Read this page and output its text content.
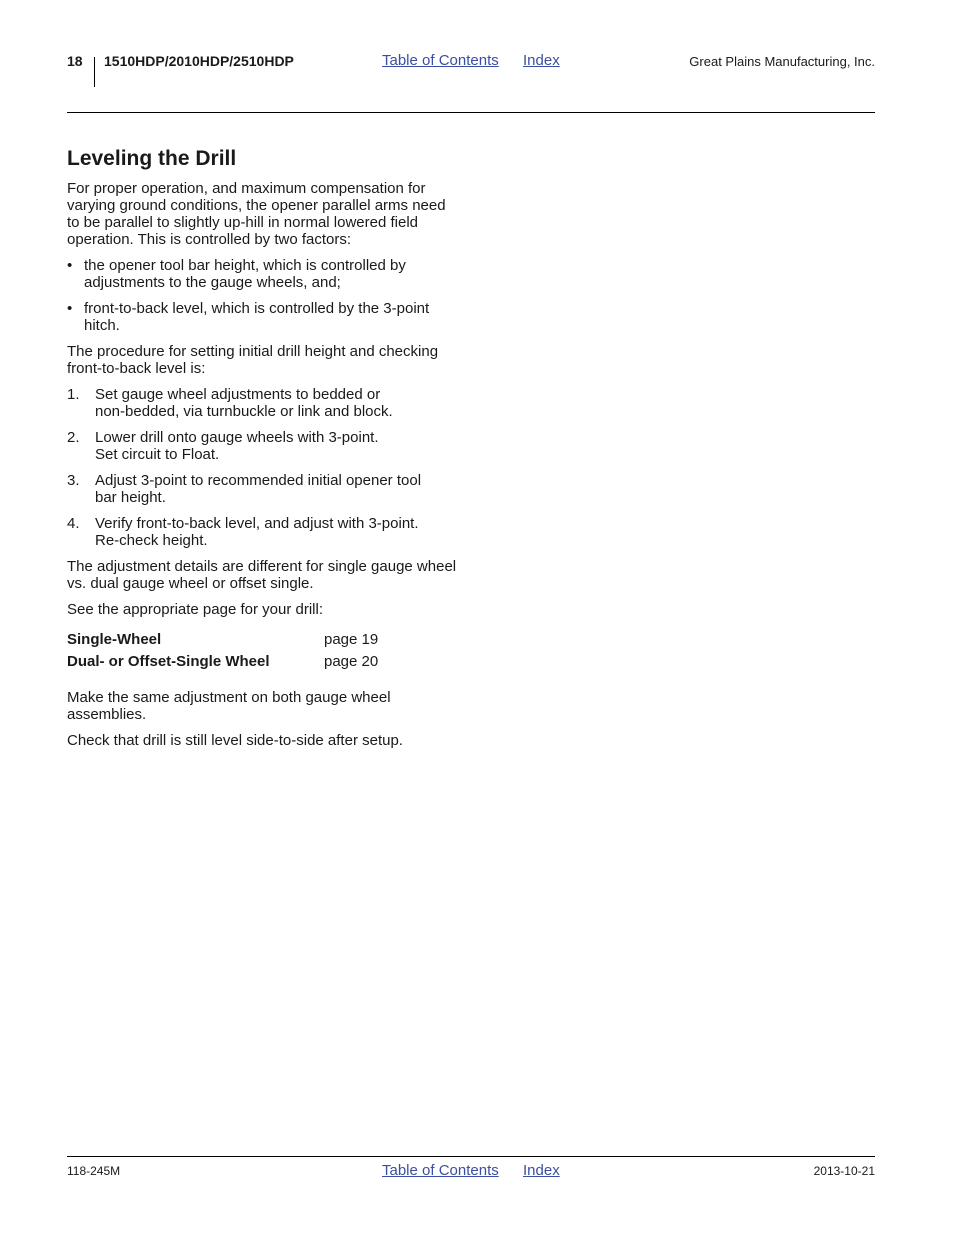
18 1510HDP/2010HDP/2510HDP	Table of Contents Index	Great Plains Manufacturing, Inc.
Leveling the Drill

For proper operation, and maximum compensation for varying ground conditions, the opener parallel arms need to be parallel to slightly up-hill in normal lowered field operation. This is controlled by two factors:

• the opener tool bar height, which is controlled by adjustments to the gauge wheels, and;
• front-to-back level, which is controlled by the 3-point hitch.

The procedure for setting initial drill height and checking front-to-back level is:

1. Set gauge wheel adjustments to bedded or
non-bedded, via turnbuckle or link and block.
2. Lower drill onto gauge wheels with 3-point.
Set circuit to Float.
3. Adjust 3-point to recommended initial opener tool
bar height.
4. Verify front-to-back level, and adjust with 3-point.
Re-check height.

The adjustment details are different for single gauge wheel vs. dual gauge wheel or offset single.

See the appropriate page for your drill:

Single-Wheel	page 19
Dual- or Offset-Single Wheel	page 20

Make the same adjustment on both gauge wheel assemblies.

Check that drill is still level side-to-side after setup.

118-245M	Table of Contents Index	2013-10-21
